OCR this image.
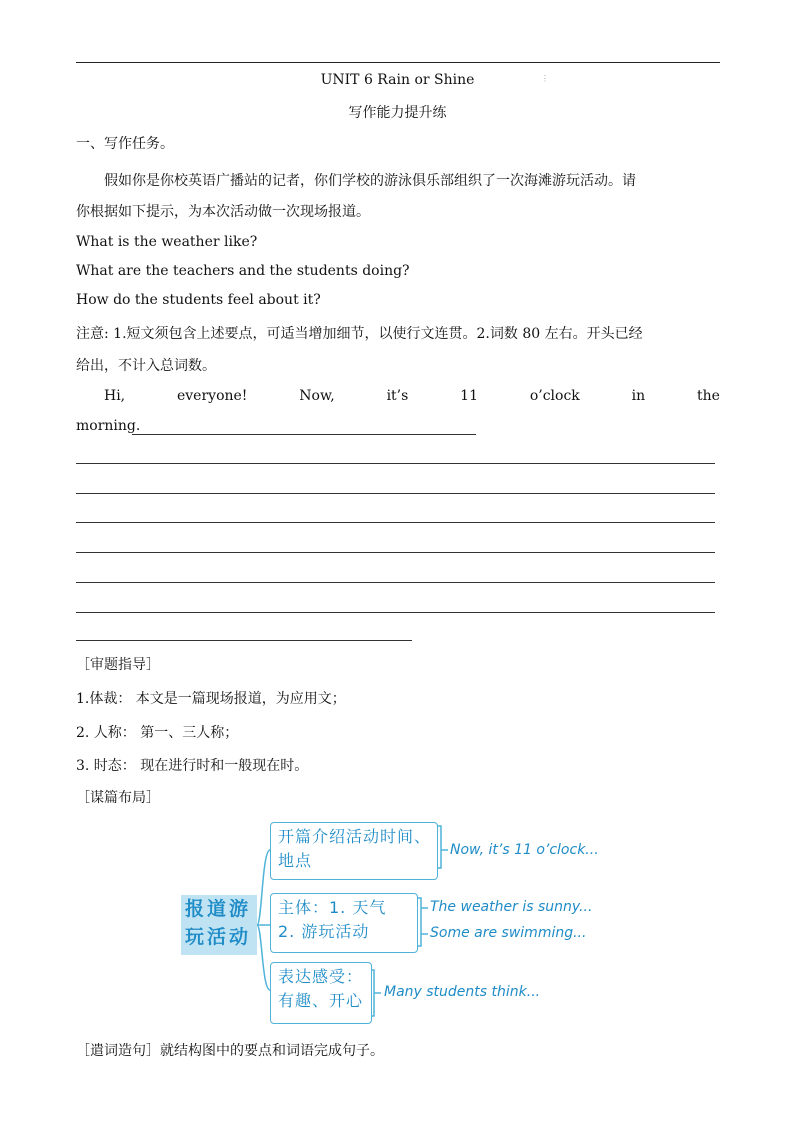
UNIT 6 Rain or Shine	⋮
写作能力提升练
一、写作任务。
假如你是你校英语广播站的记者，你们学校的游泳俱乐部组织了一次海滩游玩活动。请
你根据如下提示，为本次活动做一次现场报道。
What is the weather like?
What are the teachers and the students doing?
How do the students feel about it?
注意: 1.短文须包含上述要点，可适当增加细节，以使行文连贯。2.词数 80 左右。开头已经
给出，不计入总词数。
Hi,	everyone!	Now,	it’s	11	o’clock	in	the
morning.
［审题指导］
1.体裁： 本文是一篇现场报道，为应用文；
2. 人称： 第一、三人称；
3. 时态： 现在进行时和一般现在时。
［谋篇布局］
报道游
玩活动
开篇介绍活动时间、
地点
主体：1. 天气
2. 游玩活动
表达感受：
有趣、开心
Now, it’s 11 o’clock...
The weather is sunny...
Some are swimming...
Many students think...
［遣词造句］就结构图中的要点和词语完成句子。
